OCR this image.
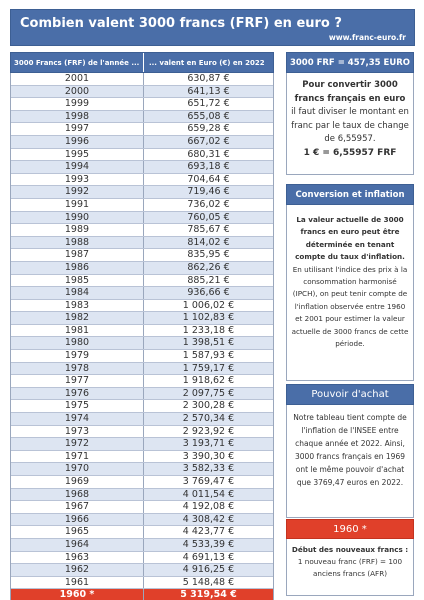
Combien valent 3000 francs (FRF) en euro ?
www.franc-euro.fr
3000 Francs (FRF) de l'année ...	... valent en Euro (€) en 2022
2001	630,87 €
2000	641,13 €
1999	651,72 €
1998	655,08 €
1997	659,28 €
1996	667,02 €
1995	680,31 €
1994	693,18 €
1993	704,64 €
1992	719,46 €
1991	736,02 €
1990	760,05 €
1989	785,67 €
1988	814,02 €
1987	835,95 €
1986	862,26 €
1985	885,21 €
1984	936,66 €
1983	1 006,02 €
1982	1 102,83 €
1981	1 233,18 €
1980	1 398,51 €
1979	1 587,93 €
1978	1 759,17 €
1977	1 918,62 €
1976	2 097,75 €
1975	2 300,28 €
1974	2 570,34 €
1973	2 923,92 €
1972	3 193,71 €
1971	3 390,30 €
1970	3 582,33 €
1969	3 769,47 €
1968	4 011,54 €
1967	4 192,08 €
1966	4 308,42 €
1965	4 423,77 €
1964	4 533,39 €
1963	4 691,13 €
1962	4 916,25 €
1961	5 148,48 €
1960 *	5 319,54 €
3000 FRF = 457,35 EURO
Pour convertir 3000 francs français en euro il faut diviser le montant en franc par le taux de change de 6,55957.
1 € = 6,55957 FRF
Conversion et inflation
La valeur actuelle de 3000 francs en euro peut être déterminée en tenant compte du taux d'inflation. En utilisant l'indice des prix à la consommation harmonisé (IPCH), on peut tenir compte de l'inflation observée entre 1960 et 2001 pour estimer la valeur actuelle de 3000 francs de cette période.
Pouvoir d'achat
Notre tableau tient compte de l'inflation de l'INSEE entre chaque année et 2022. Ainsi, 3000 francs français en 1969 ont le même pouvoir d'achat que 3769,47 euros en 2022.
1960 *
Début des nouveaux francs : 1 nouveau franc (FRF) = 100 anciens francs (AFR)
